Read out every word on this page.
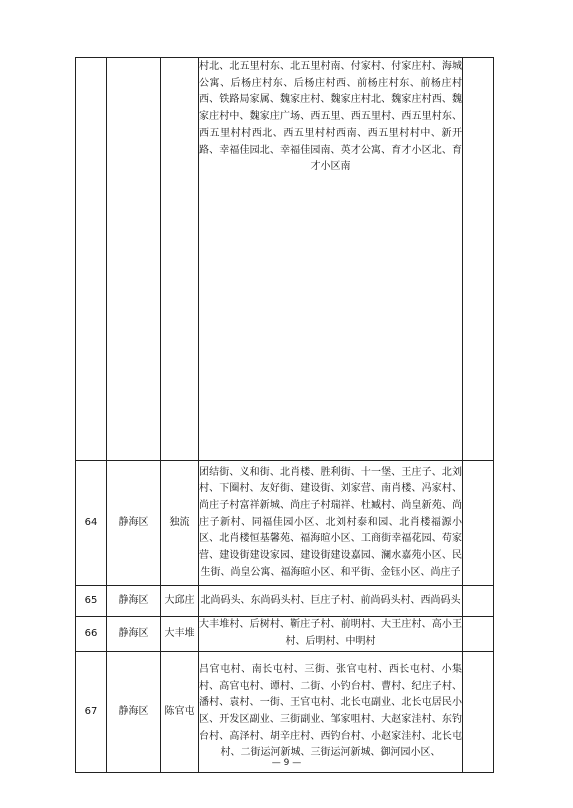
			村北、北五里村东、北五里村南、付家村、付家庄村、海城公寓、后杨庄村东、后杨庄村西、前杨庄村东、前杨庄村西、铁路局家属、魏家庄村、魏家庄村北、魏家庄村西、魏家庄村中、魏家庄广场、西五里、西五里村、西五里村东、西五里村村西北、西五里村村西南、西五里村村中、新开路、幸福佳园北、幸福佳园南、英才公寓、育才小区北、育才小区南	

64	静海区	独流	团结街、义和街、北肖楼、胜利街、十一堡、王庄子、北刘村、下圈村、友好街、建设街、刘家营、南肖楼、冯家村、尚庄子村富祥新城、尚庄子村瑞祥、杜臧村、尚皇新苑、尚庄子新村、同福佳园小区、北刘村泰和园、北肖楼福源小区、北肖楼恒基馨苑、福海暄小区、工商街幸福花园、苟家营、建设街建设家园、建设街建设嘉园、澜水嘉苑小区、民生街、尚皇公寓、福海暄小区、和平街、金钰小区、尚庄子	

65	静海区	大邱庄	北尚码头、东尚码头村、巨庄子村、前尚码头村、西尚码头	

66	静海区	大丰堆	大丰堆村、后树村、靳庄子村、前明村、大王庄村、高小王村、后明村、中明村	

67	静海区	陈官屯	吕官屯村、南长屯村、三街、张官屯村、西长屯村、小集村、高官屯村、谭村、二街、小钓台村、曹村、纪庄子村、潘村、袁村、一街、王官屯村、北长屯副业、北长屯居民小区、开发区副业、三街副业、邹家咀村、大赵家洼村、东钓台村、高泽村、胡辛庄村、西钓台村、小赵家洼村、北长屯村、二街运河新城、三街运河新城、御河园小区、	

— 9 —
